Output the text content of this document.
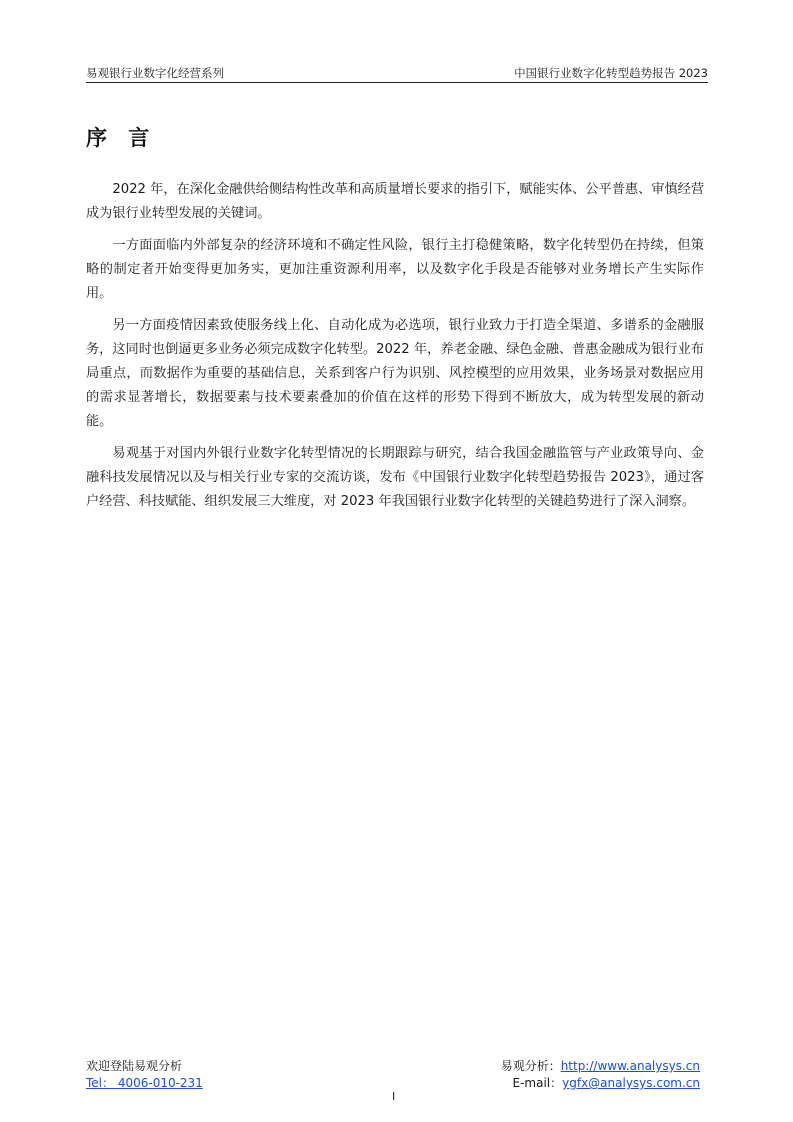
易观银行业数字化经营系列	中国银行业数字化转型趋势报告 2023
序 言

2022 年，在深化金融供给侧结构性改革和高质量增长要求的指引下，赋能实体、公平普惠、审慎经营成为银行业转型发展的关键词。

一方面面临内外部复杂的经济环境和不确定性风险，银行主打稳健策略，数字化转型仍在持续，但策略的制定者开始变得更加务实，更加注重资源利用率，以及数字化手段是否能够对业务增长产生实际作用。

另一方面疫情因素致使服务线上化、自动化成为必选项，银行业致力于打造全渠道、多谱系的金融服务，这同时也倒逼更多业务必须完成数字化转型。2022 年，养老金融、绿色金融、普惠金融成为银行业布局重点，而数据作为重要的基础信息，关系到客户行为识别、风控模型的应用效果，业务场景对数据应用的需求显著增长，数据要素与技术要素叠加的价值在这样的形势下得到不断放大，成为转型发展的新动能。

易观基于对国内外银行业数字化转型情况的长期跟踪与研究，结合我国金融监管与产业政策导向、金融科技发展情况以及与相关行业专家的交流访谈，发布《中国银行业数字化转型趋势报告 2023》，通过客户经营、科技赋能、组织发展三大维度，对 2023 年我国银行业数字化转型的关键趋势进行了深入洞察。

欢迎登陆易观分析
Tel： 4006-010-231
易观分析：http://www.analysys.cn
E-mail：ygfx@analysys.com.cn
I
